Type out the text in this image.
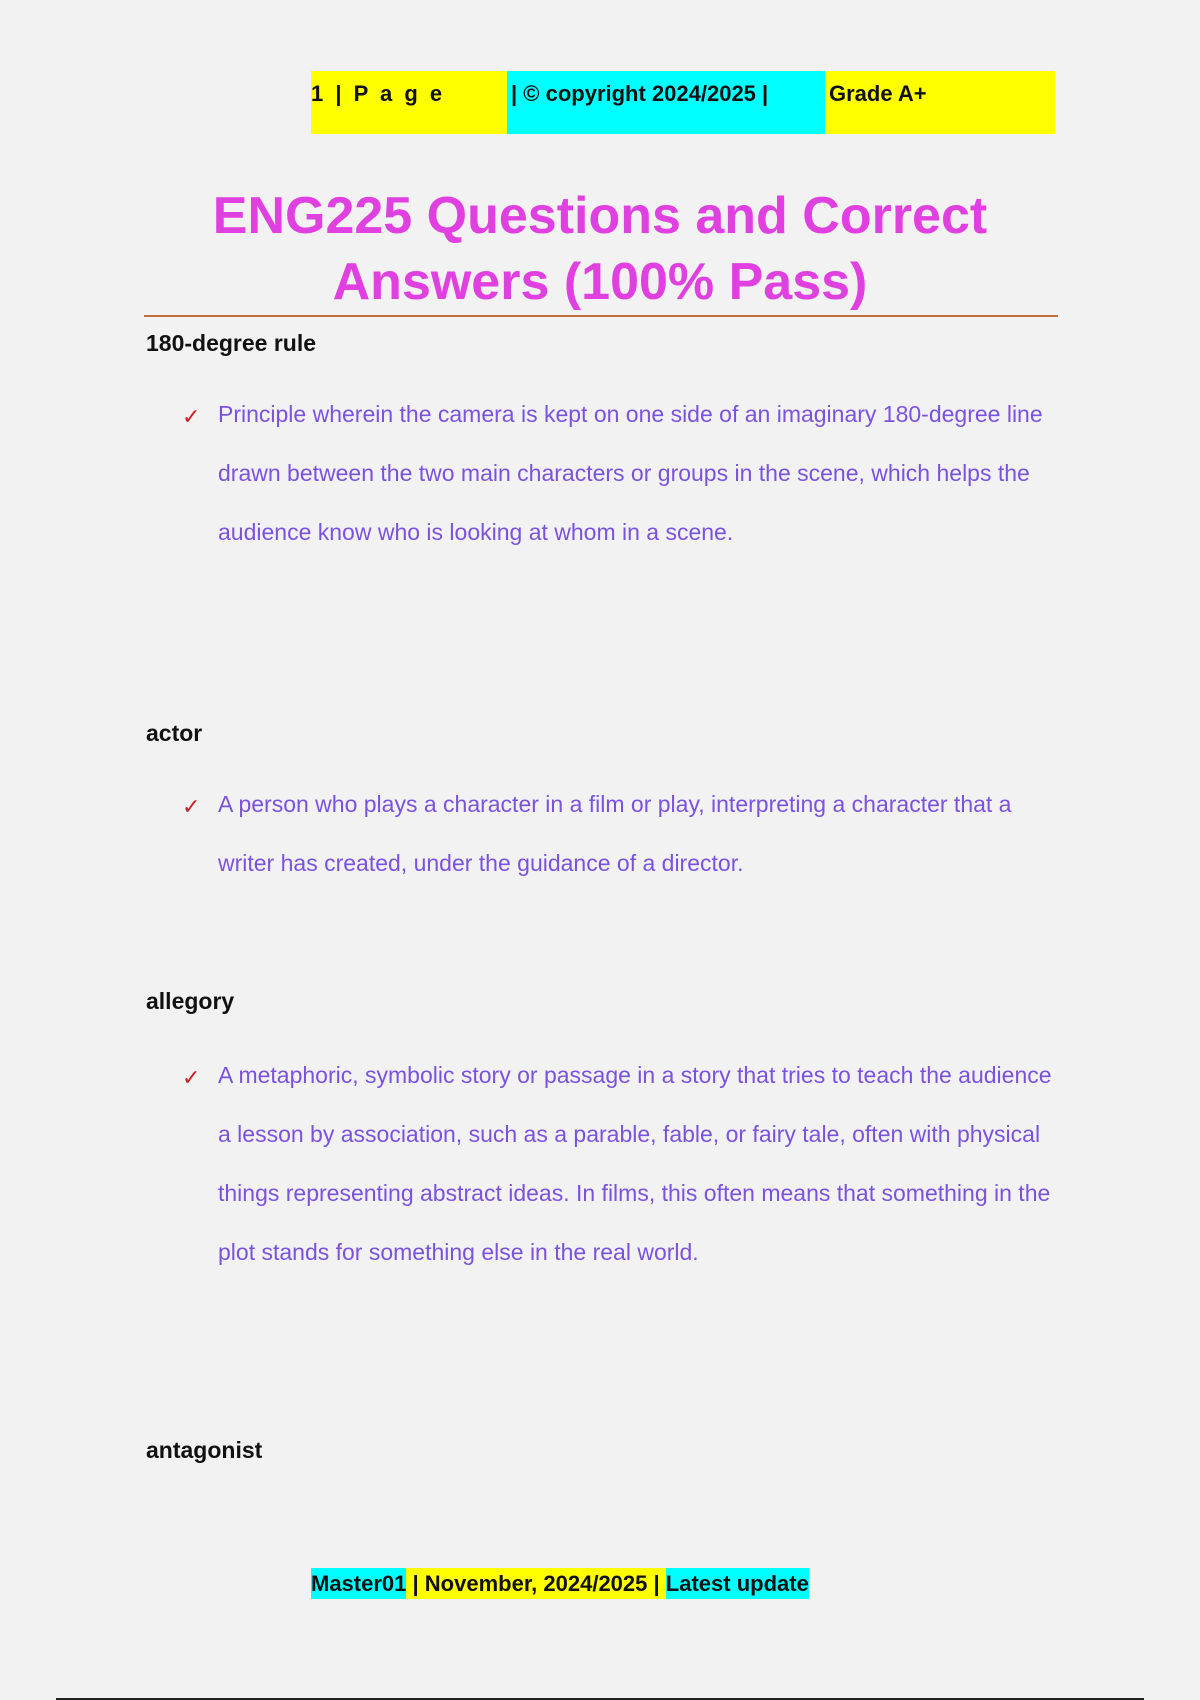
1 | P a g e	| © copyright 2024/2025 |	Grade A+
ENG225 Questions and Correct
Answers (100% Pass)
180-degree rule
✓ Principle wherein the camera is kept on one side of an imaginary 180-degree line drawn between the two main characters or groups in the scene, which helps the audience know who is looking at whom in a scene.
actor
✓ A person who plays a character in a film or play, interpreting a character that a writer has created, under the guidance of a director.
allegory
✓ A metaphoric, symbolic story or passage in a story that tries to teach the audience a lesson by association, such as a parable, fable, or fairy tale, often with physical things representing abstract ideas. In films, this often means that something in the plot stands for something else in the real world.
antagonist
Master01 | November, 2024/2025 | Latest update
